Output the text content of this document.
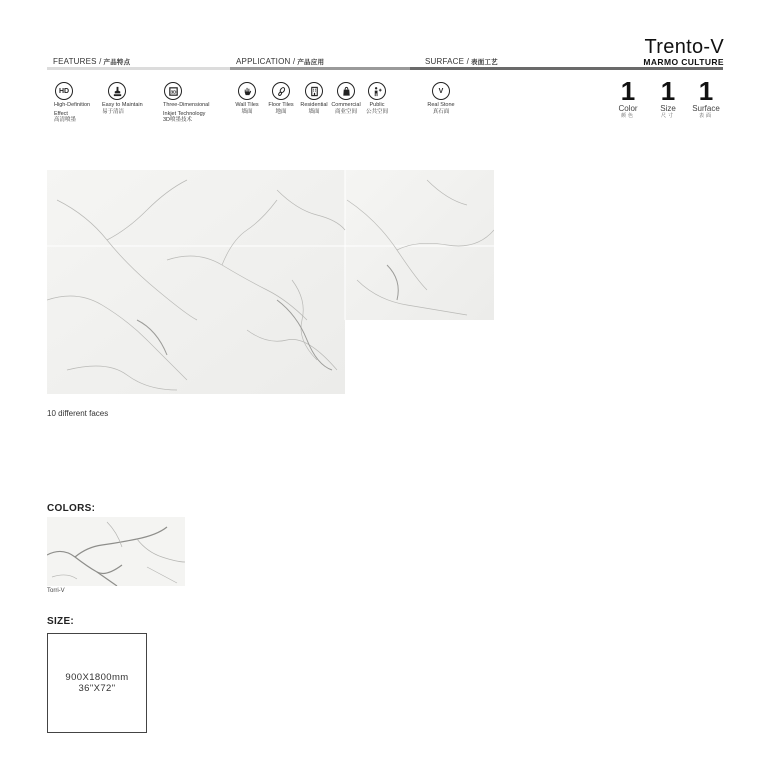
FEATURES / 产品特点	APPLICATION / 产品应用	SURFACE / 表面工艺
HD
High-Definition
Effect
高清喷墨
Easy to Maintain
易于清洁
3D
Three-Dimensional
Inkjet Technology
3D喷墨技术
Wall Tiles
墙面
Floor Tiles
地面
Residential
墙面
Commercial
商业空间
Public
公共空间
V
Real Stone
真石面
Trento-V
MARMO CULTURE
1
Color
颜色
1
Size
尺寸
1
Surface
表面
10 different faces
COLORS:
Torri-V
SIZE:
900X1800mm
36"X72"
